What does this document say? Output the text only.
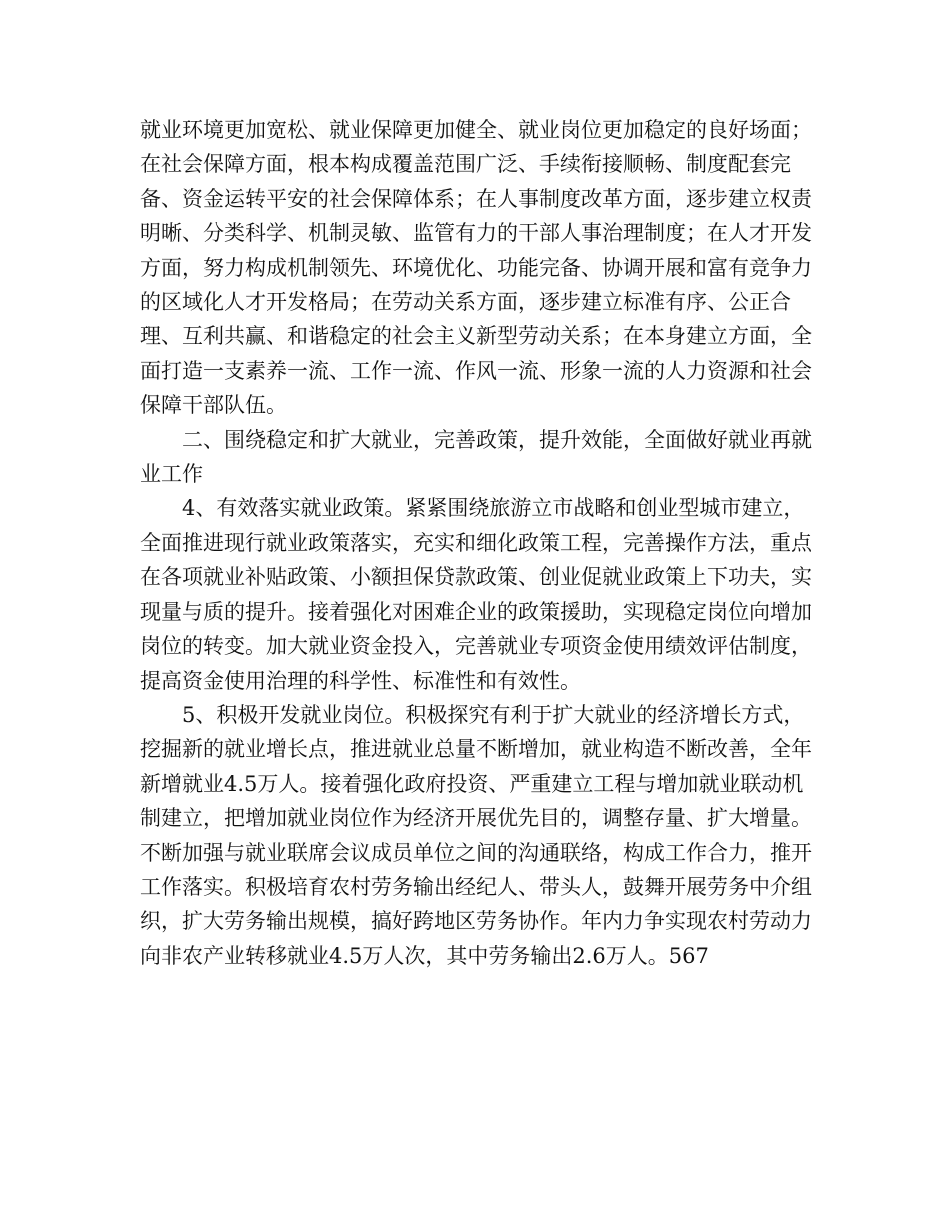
就业环境更加宽松、就业保障更加健全、就业岗位更加稳定的良好场面；在社会保障方面，根本构成覆盖范围广泛、手续衔接顺畅、制度配套完备、资金运转平安的社会保障体系；在人事制度改革方面，逐步建立权责明晰、分类科学、机制灵敏、监管有力的干部人事治理制度；在人才开发方面，努力构成机制领先、环境优化、功能完备、协调开展和富有竞争力的区域化人才开发格局；在劳动关系方面，逐步建立标准有序、公正合理、互利共赢、和谐稳定的社会主义新型劳动关系；在本身建立方面，全面打造一支素养一流、工作一流、作风一流、形象一流的人力资源和社会保障干部队伍。

二、围绕稳定和扩大就业，完善政策，提升效能，全面做好就业再就业工作

4、有效落实就业政策。紧紧围绕旅游立市战略和创业型城市建立，全面推进现行就业政策落实，充实和细化政策工程，完善操作方法，重点在各项就业补贴政策、小额担保贷款政策、创业促就业政策上下功夫，实现量与质的提升。接着强化对困难企业的政策援助，实现稳定岗位向增加岗位的转变。加大就业资金投入，完善就业专项资金使用绩效评估制度，提高资金使用治理的科学性、标准性和有效性。

5、积极开发就业岗位。积极探究有利于扩大就业的经济增长方式，挖掘新的就业增长点，推进就业总量不断增加，就业构造不断改善，全年新增就业4.5万人。接着强化政府投资、严重建立工程与增加就业联动机制建立，把增加就业岗位作为经济开展优先目的，调整存量、扩大增量。不断加强与就业联席会议成员单位之间的沟通联络，构成工作合力，推开工作落实。积极培育农村劳务输出经纪人、带头人，鼓舞开展劳务中介组织，扩大劳务输出规模，搞好跨地区劳务协作。年内力争实现农村劳动力向非农产业转移就业4.5万人次，其中劳务输出2.6万人。567
